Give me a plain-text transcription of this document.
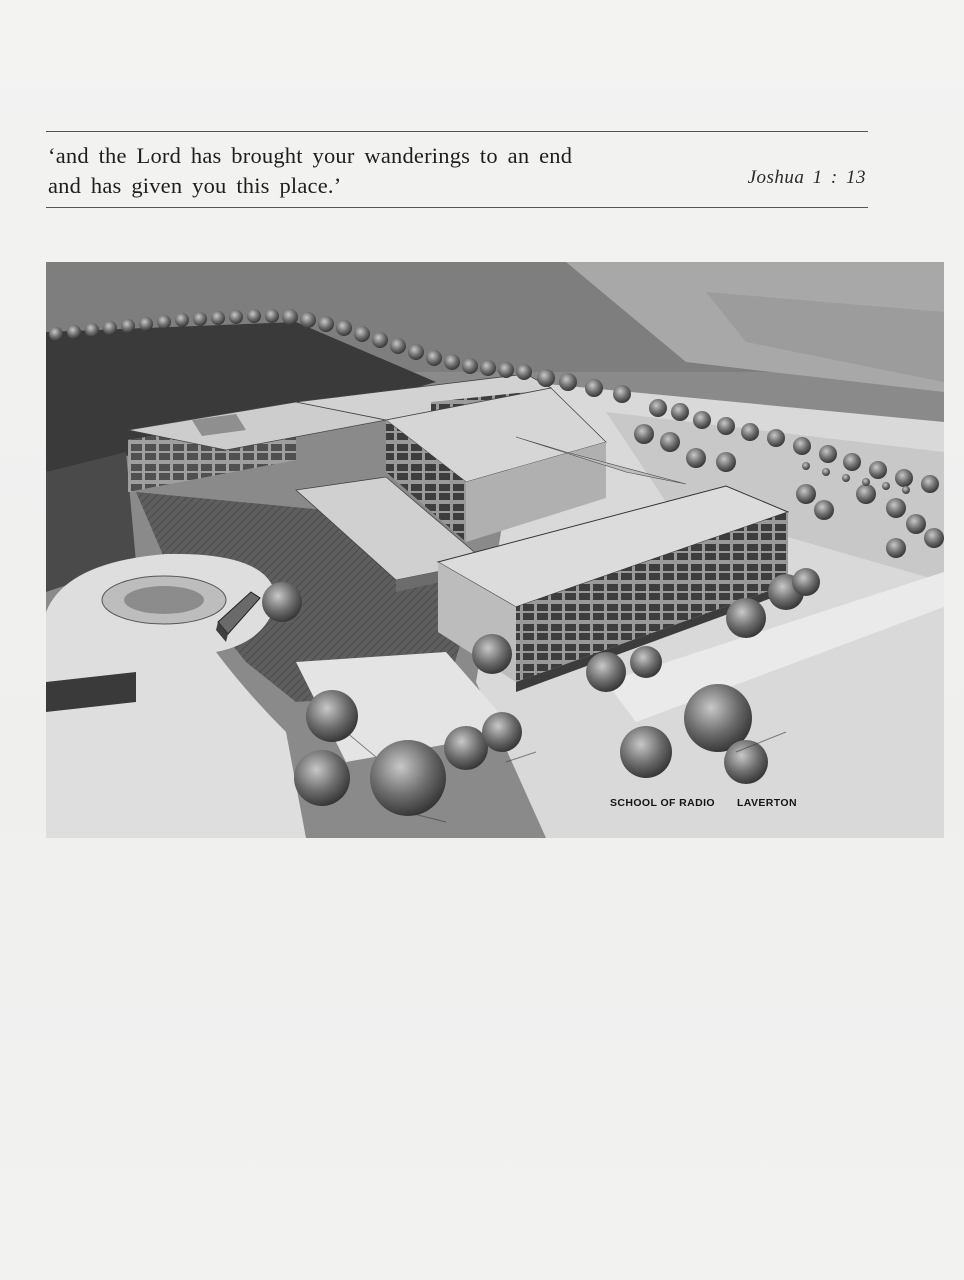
‘and the Lord has brought your wanderings to an end
and has given you this place.’	Joshua 1 : 13
SCHOOL OF RADIO LAVERTON
